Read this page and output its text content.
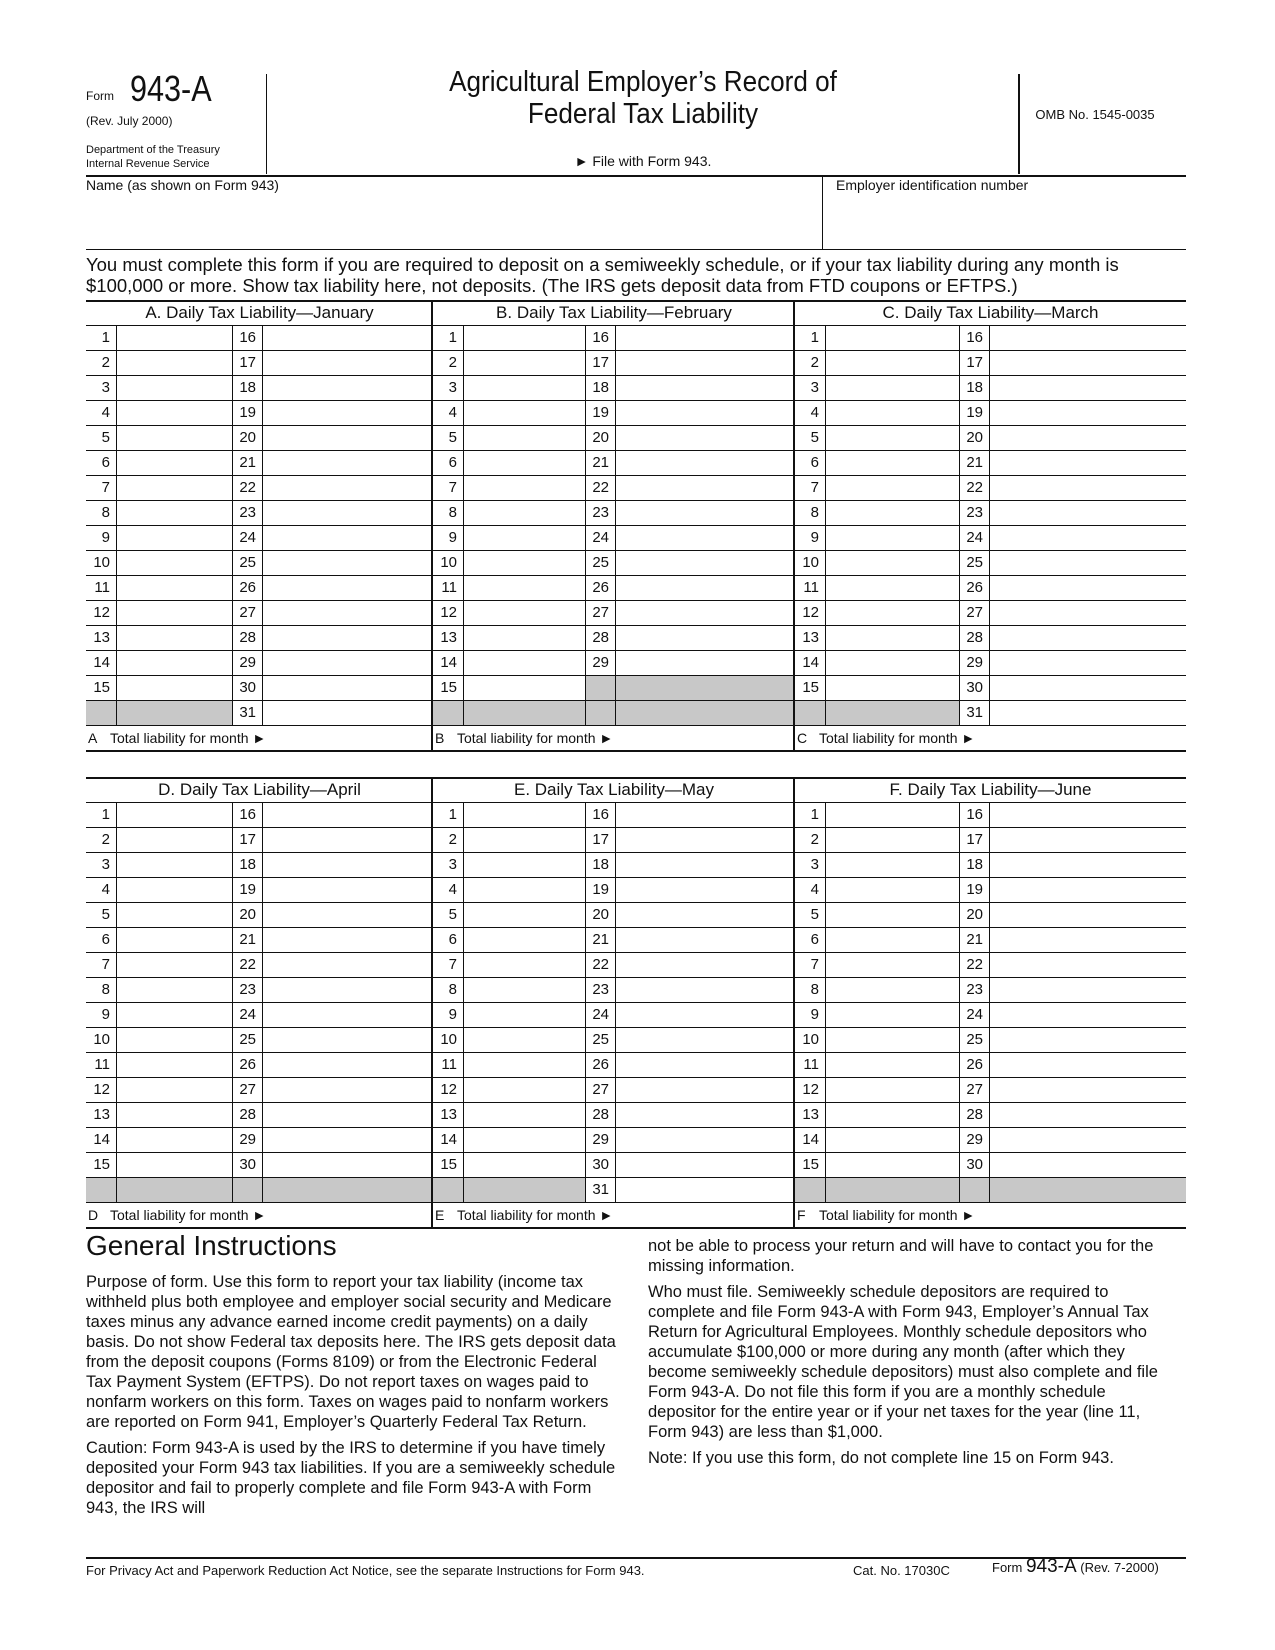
Form 943-A
(Rev. July 2000)
Department of the Treasury
Internal Revenue Service
Agricultural Employer’s Record of
Federal Tax Liability
► File with Form 943.
OMB No. 1545-0035
Name (as shown on Form 943)	Employer identification number
You must complete this form if you are required to deposit on a semiweekly schedule, or if your tax liability during any month is $100,000 or more. Show tax liability here, not deposits. (The IRS gets deposit data from FTD coupons or EFTPS.)
A. Daily Tax Liability—January
1	16
2	17
3	18
4	19
5	20
6	21
7	22
8	23
9	24
10	25
11	26
12	27
13	28
14	29
15	30
31
A Total liability for month ►
B. Daily Tax Liability—February
1	16
2	17
3	18
4	19
5	20
6	21
7	22
8	23
9	24
10	25
11	26
12	27
13	28
14	29
15
B Total liability for month ►
C. Daily Tax Liability—March
1	16
2	17
3	18
4	19
5	20
6	21
7	22
8	23
9	24
10	25
11	26
12	27
13	28
14	29
15	30
31
C Total liability for month ►
D. Daily Tax Liability—April
1	16
2	17
3	18
4	19
5	20
6	21
7	22
8	23
9	24
10	25
11	26
12	27
13	28
14	29
15	30
D Total liability for month ►
E. Daily Tax Liability—May
1	16
2	17
3	18
4	19
5	20
6	21
7	22
8	23
9	24
10	25
11	26
12	27
13	28
14	29
15	30
31
E Total liability for month ►
F. Daily Tax Liability—June
1	16
2	17
3	18
4	19
5	20
6	21
7	22
8	23
9	24
10	25
11	26
12	27
13	28
14	29
15	30
F Total liability for month ►
General Instructions

Purpose of form. Use this form to report your tax liability (income tax withheld plus both employee and employer social security and Medicare taxes minus any advance earned income credit payments) on a daily basis. Do not show Federal tax deposits here. The IRS gets deposit data from the deposit coupons (Forms 8109) or from the Electronic Federal Tax Payment System (EFTPS). Do not report taxes on wages paid to nonfarm workers on this form. Taxes on wages paid to nonfarm workers are reported on Form 941, Employer’s Quarterly Federal Tax Return.

Caution: Form 943-A is used by the IRS to determine if you have timely deposited your Form 943 tax liabilities. If you are a semiweekly schedule depositor and fail to properly complete and file Form 943-A with Form 943, the IRS will

not be able to process your return and will have to contact you for the missing information.

Who must file. Semiweekly schedule depositors are required to complete and file Form 943-A with Form 943, Employer’s Annual Tax Return for Agricultural Employees. Monthly schedule depositors who accumulate $100,000 or more during any month (after which they become semiweekly schedule depositors) must also complete and file Form 943-A. Do not file this form if you are a monthly schedule depositor for the entire year or if your net taxes for the year (line 11, Form 943) are less than $1,000.

Note: If you use this form, do not complete line 15 on Form 943.

For Privacy Act and Paperwork Reduction Act Notice, see the separate Instructions for Form 943.	Cat. No. 17030C	Form 943-A (Rev. 7-2000)
